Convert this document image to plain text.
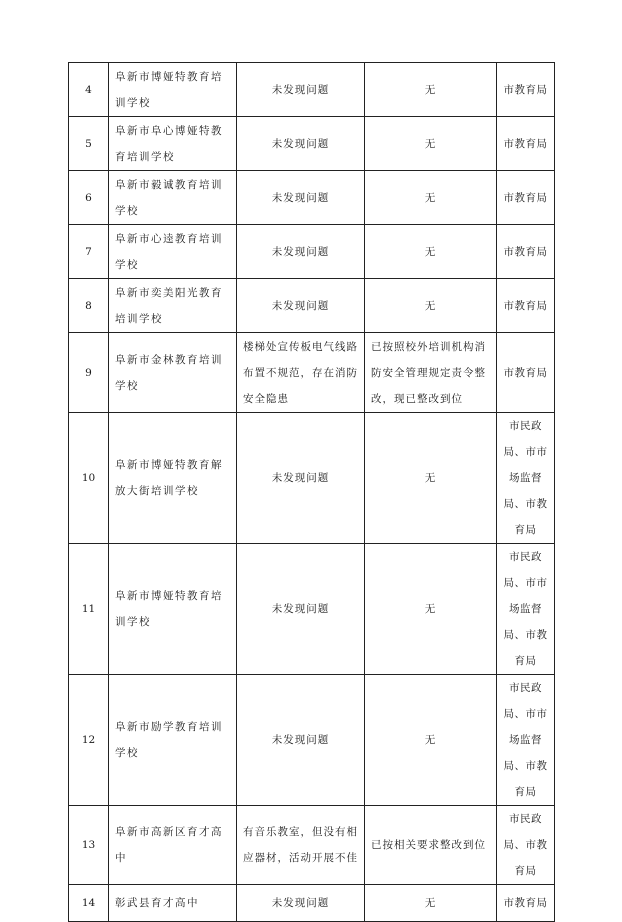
4	阜新市博娅特教育培训学校	未发现问题	无	市教育局
5	阜新市阜心博娅特教育培训学校	未发现问题	无	市教育局
6	阜新市毅诚教育培训学校	未发现问题	无	市教育局
7	阜新市心逵教育培训学校	未发现问题	无	市教育局
8	阜新市奕美阳光教育培训学校	未发现问题	无	市教育局
9	阜新市金林教育培训学校	楼梯处宣传板电气线路布置不规范，存在消防安全隐患	已按照校外培训机构消防安全管理规定责令整改，现已整改到位	市教育局
10	阜新市博娅特教育解放大街培训学校	未发现问题	无	市民政局、市市场监督局、市教育局
11	阜新市博娅特教育培训学校	未发现问题	无	市民政局、市市场监督局、市教育局
12	阜新市励学教育培训学校	未发现问题	无	市民政局、市市场监督局、市教育局
13	阜新市高新区育才高中	有音乐教室，但没有相应器材，活动开展不佳	已按相关要求整改到位	市民政局、市教育局
14	彰武县育才高中	未发现问题	无	市教育局
